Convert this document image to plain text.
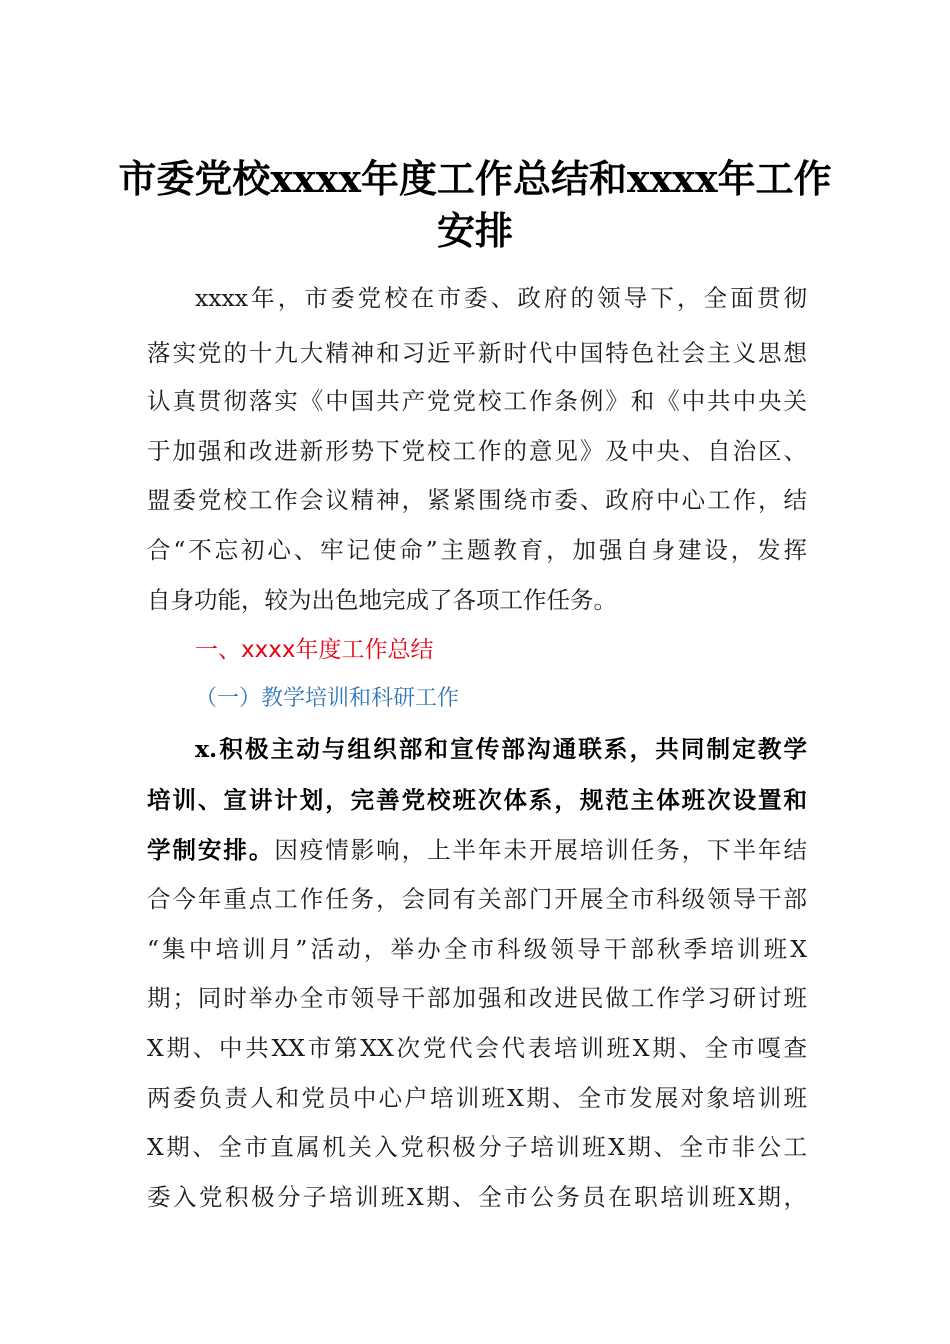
市委党校xxxx年度工作总结和xxxx年工作
安排
xxxx年，市委党校在市委、政府的领导下，全面贯彻
落实党的十九大精神和习近平新时代中国特色社会主义思想
认真贯彻落实《中国共产党党校工作条例》和《中共中央关
于加强和改进新形势下党校工作的意见》及中央、自治区、
盟委党校工作会议精神，紧紧围绕市委、政府中心工作，结
合“不忘初心、牢记使命”主题教育，加强自身建设，发挥
自身功能，较为出色地完成了各项工作任务。
一、xxxx年度工作总结
（一）教学培训和科研工作
x.积极主动与组织部和宣传部沟通联系，共同制定教学
培训、宣讲计划，完善党校班次体系，规范主体班次设置和
学制安排。因疫情影响，上半年未开展培训任务，下半年结
合今年重点工作任务，会同有关部门开展全市科级领导干部
“集中培训月”活动，举办全市科级领导干部秋季培训班X
期；同时举办全市领导干部加强和改进民做工作学习研讨班
X期、中共XX市第XX次党代会代表培训班X期、全市嘎查
两委负责人和党员中心户培训班X期、全市发展对象培训班
X期、全市直属机关入党积极分子培训班X期、全市非公工
委入党积极分子培训班X期、全市公务员在职培训班X期，
